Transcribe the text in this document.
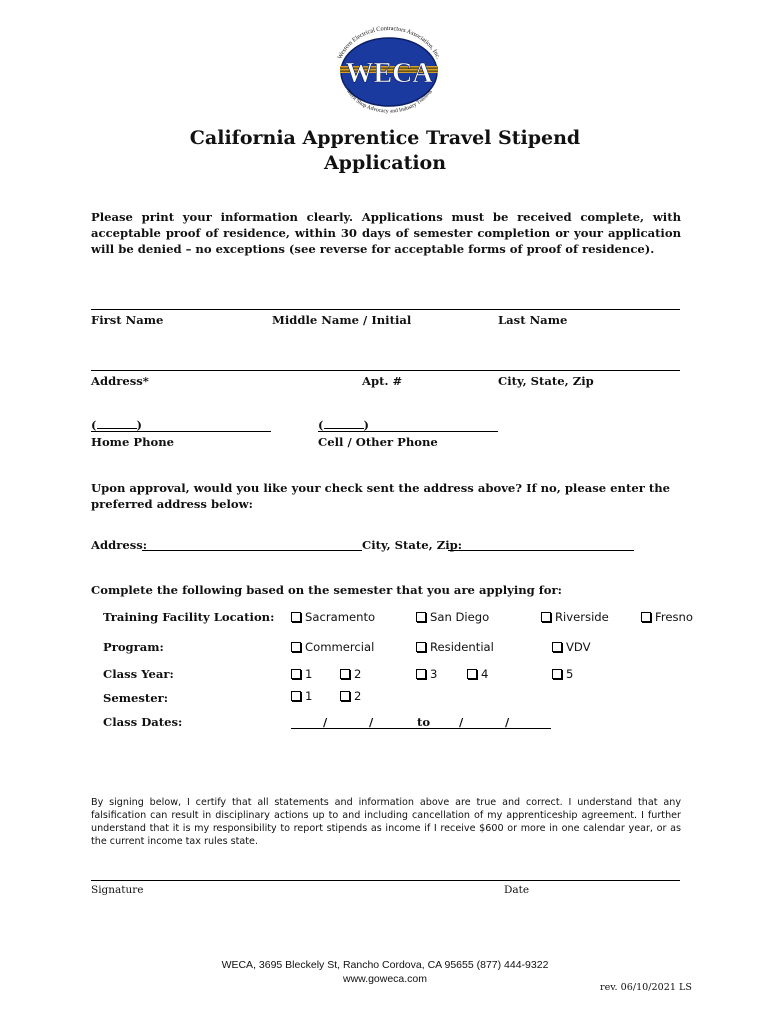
WECA
Western Electrical Contractors Association, Inc.
Merit Shop Advocacy and Industry Training
California Apprentice Travel Stipend
Application
Please print your information clearly. Applications must be received complete, with acceptable proof of residence, within 30 days of semester completion or your application will be denied – no exceptions (see reverse for acceptable forms of proof of residence).
First Name	Middle Name / Initial	Last Name
Address*	Apt. #	City, State, Zip
(	)
Home Phone
(	)
Cell / Other Phone
Upon approval, would you like your check sent the address above? If no, please enter the preferred address below:
Address:	City, State, Zip:
Complete the following based on the semester that you are applying for:
Training Facility Location:	Sacramento	San Diego	Riverside	Fresno
Program:	Commercial	Residential	VDV
Class Year:	1	2	3	4	5
Semester:	1	2
Class Dates:	/	/	to /	/
By signing below, I certify that all statements and information above are true and correct. I understand that any falsification can result in disciplinary actions up to and including cancellation of my apprenticeship agreement. I further understand that it is my responsibility to report stipends as income if I receive $600 or more in one calendar year, or as the current income tax rules state.
Signature	Date
WECA, 3695 Bleckely St, Rancho Cordova, CA 95655 (877) 444-9322
www.goweca.com
rev. 06/10/2021 LS
